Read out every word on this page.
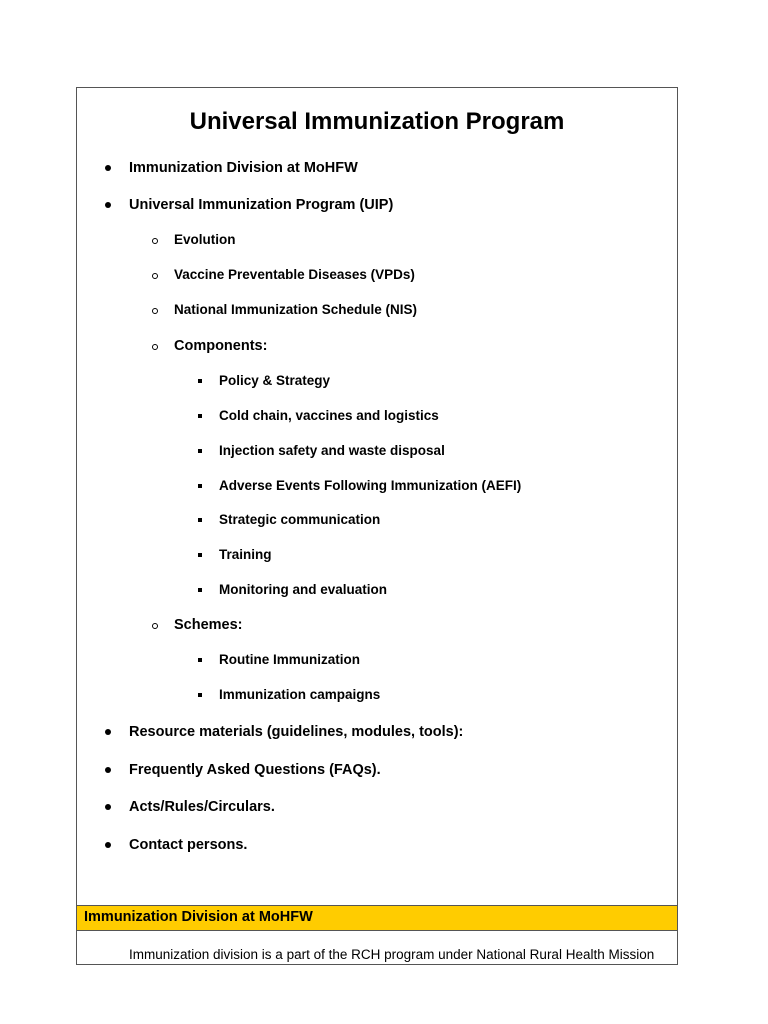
Universal Immunization Program
Immunization Division at MoHFW
Universal Immunization Program (UIP)
Evolution
Vaccine Preventable Diseases (VPDs)
National Immunization Schedule (NIS)
Components:
Policy & Strategy
Cold chain, vaccines and logistics
Injection safety and waste disposal
Adverse Events Following Immunization (AEFI)
Strategic communication
Training
Monitoring and evaluation
Schemes:
Routine Immunization
Immunization campaigns
Resource materials (guidelines, modules, tools):
Frequently Asked Questions (FAQs).
Acts/Rules/Circulars.
Contact persons.
Immunization Division at MoHFW
Immunization division is a part of the RCH program under National Rural Health Mission
